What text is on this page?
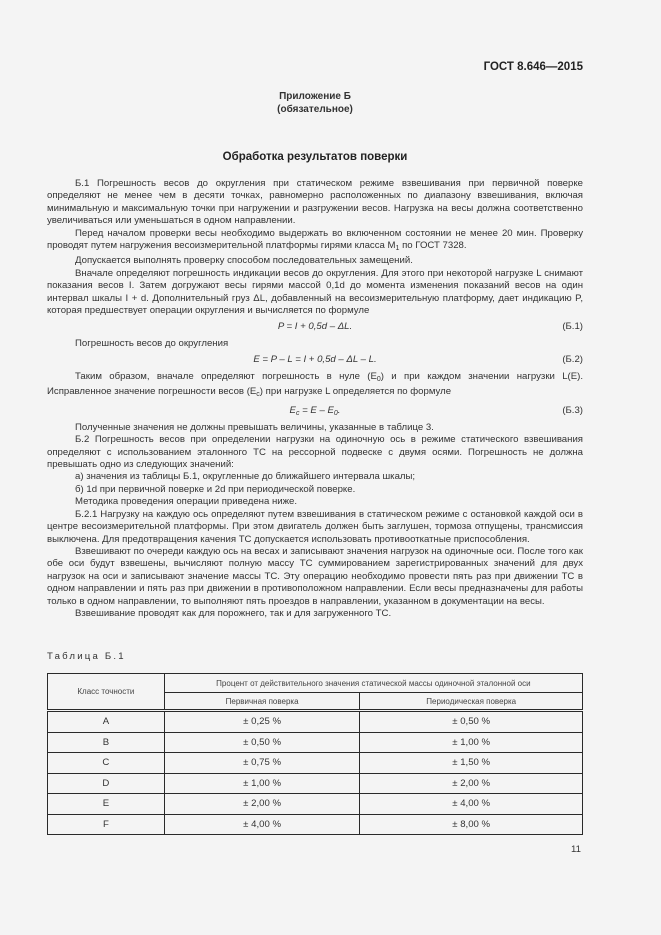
ГОСТ 8.646—2015
Приложение Б
(обязательное)
Обработка результатов поверки

Б.1 Погрешность весов до округления при статическом режиме взвешивания при первичной поверке определяют не менее чем в десяти точках, равномерно расположенных по диапазону взвешивания, включая минимальную и максимальную точки при нагружении и разгружении весов. Нагрузка на весы должна соответственно увеличиваться или уменьшаться в одном направлении.

Перед началом проверки весы необходимо выдержать во включенном состоянии не менее 20 мин. Проверку проводят путем нагружения весоизмерительной платформы гирями класса $M_1$ по ГОСТ 7328.

Допускается выполнять проверку способом последовательных замещений.

Вначале определяют погрешность индикации весов до округления. Для этого при некоторой нагрузке L снимают показания весов I. Затем догружают весы гирями массой 0,1d до момента изменения показаний весов на один интервал шкалы I + d. Дополнительный груз ΔL, добавленный на весоизмерительную платформу, дает индикацию P, которая предшествует операции округления и вычисляется по формуле

P = I + 0,5d – ΔL.	(Б.1)

Погрешность весов до округления

E = P – L = I + 0,5d – ΔL – L.	(Б.2)

Таким образом, вначале определяют погрешность в нуле $(E_0)$ и при каждом значении нагрузки L(E). Исправленное значение погрешности весов $(E_c)$ при нагрузке L определяется по формуле

$E_c = E - E_0$.	(Б.3)

Полученные значения не должны превышать величины, указанные в таблице 3.

Б.2 Погрешность весов при определении нагрузки на одиночную ось в режиме статического взвешивания определяют с использованием эталонного ТС на рессорной подвеске с двумя осями. Погрешность не должна превышать одно из следующих значений:

а) значения из таблицы Б.1, округленные до ближайшего интервала шкалы;

б) 1d при первичной поверке и 2d при периодической поверке.

Методика проведения операции приведена ниже.

Б.2.1 Нагрузку на каждую ось определяют путем взвешивания в статическом режиме с остановкой каждой оси в центре весоизмерительной платформы. При этом двигатель должен быть заглушен, тормоза отпущены, трансмиссия выключена. Для предотвращения качения ТС допускается использовать противооткатные приспособления.

Взвешивают по очереди каждую ось на весах и записывают значения нагрузок на одиночные оси. После того как обе оси будут взвешены, вычисляют полную массу ТС суммированием зарегистрированных значений для двух нагрузок на оси и записывают значение массы ТС. Эту операцию необходимо провести пять раз при движении ТС в одном направлении и пять раз при движении в противоположном направлении. Если весы предназначены для работы только в одном направлении, то выполняют пять проездов в направлении, указанном в документации на весы.

Взвешивание проводят как для порожнего, так и для загруженного ТС.

Таблица Б.1
Класс точности	Процент от действительного значения статической массы одиночной эталонной оси	
	Первичная поверка	Периодическая поверка
A	± 0,25 %	± 0,50 %
B	± 0,50 %	± 1,00 %
C	± 0,75 %	± 1,50 %
D	± 1,00 %	± 2,00 %
E	± 2,00 %	± 4,00 %
F	± 4,00 %	± 8,00 %
11
